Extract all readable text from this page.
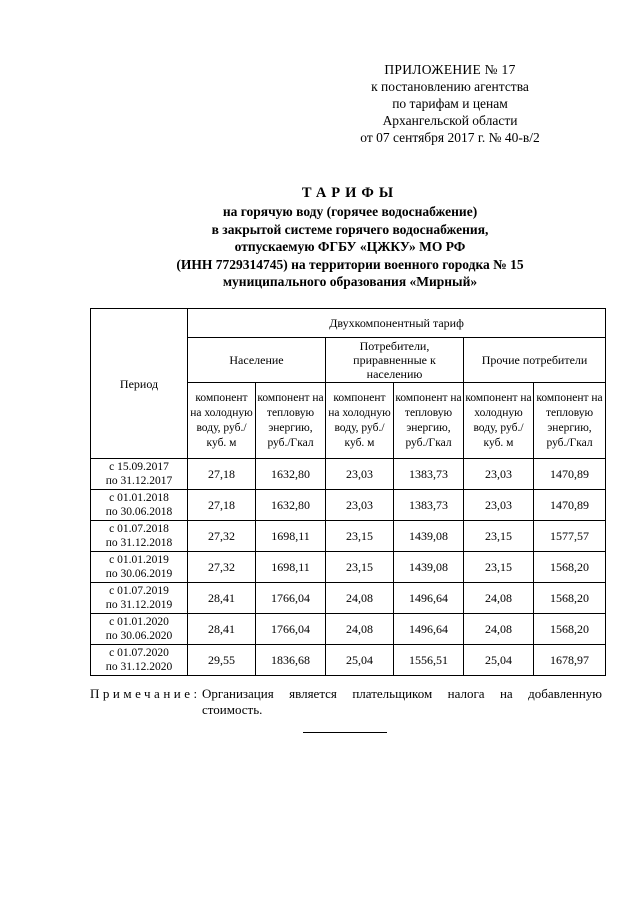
ПРИЛОЖЕНИЕ № 17
к постановлению агентства
по тарифам и ценам
Архангельской области
от 07 сентября 2017 г. № 40-в/2
ТАРИФЫ
на горячую воду (горячее водоснабжение)
в закрытой системе горячего водоснабжения,
отпускаемую ФГБУ «ЦЖКУ» МО РФ
(ИНН 7729314745) на территории военного городка № 15
муниципального образования «Мирный»
Период	Двухкомпонентный тариф					
	Население		Потребители, приравненные к населению		Прочие потребители	
	компонент на холодную воду, руб./куб. м	компонент на тепловую энергию, руб./Гкал	компонент на холодную воду, руб./куб. м	компонент на тепловую энергию, руб./Гкал	компонент на холодную воду, руб./куб. м	компонент на тепловую энергию, руб./Гкал

с 15.09.2017
по 31.12.2017	27,18	1632,80	23,03	1383,73	23,03	1470,89

с 01.01.2018
по 30.06.2018	27,18	1632,80	23,03	1383,73	23,03	1470,89

с 01.07.2018
по 31.12.2018	27,32	1698,11	23,15	1439,08	23,15	1577,57

с 01.01.2019
по 30.06.2019	27,32	1698,11	23,15	1439,08	23,15	1568,20

с 01.07.2019
по 31.12.2019	28,41	1766,04	24,08	1496,64	24,08	1568,20

с 01.01.2020
по 30.06.2020	28,41	1766,04	24,08	1496,64	24,08	1568,20

с 01.07.2020
по 31.12.2020	29,55	1836,68	25,04	1556,51	25,04	1678,97
Примечание: Организация является плательщиком налога на добавленную стоимость.
